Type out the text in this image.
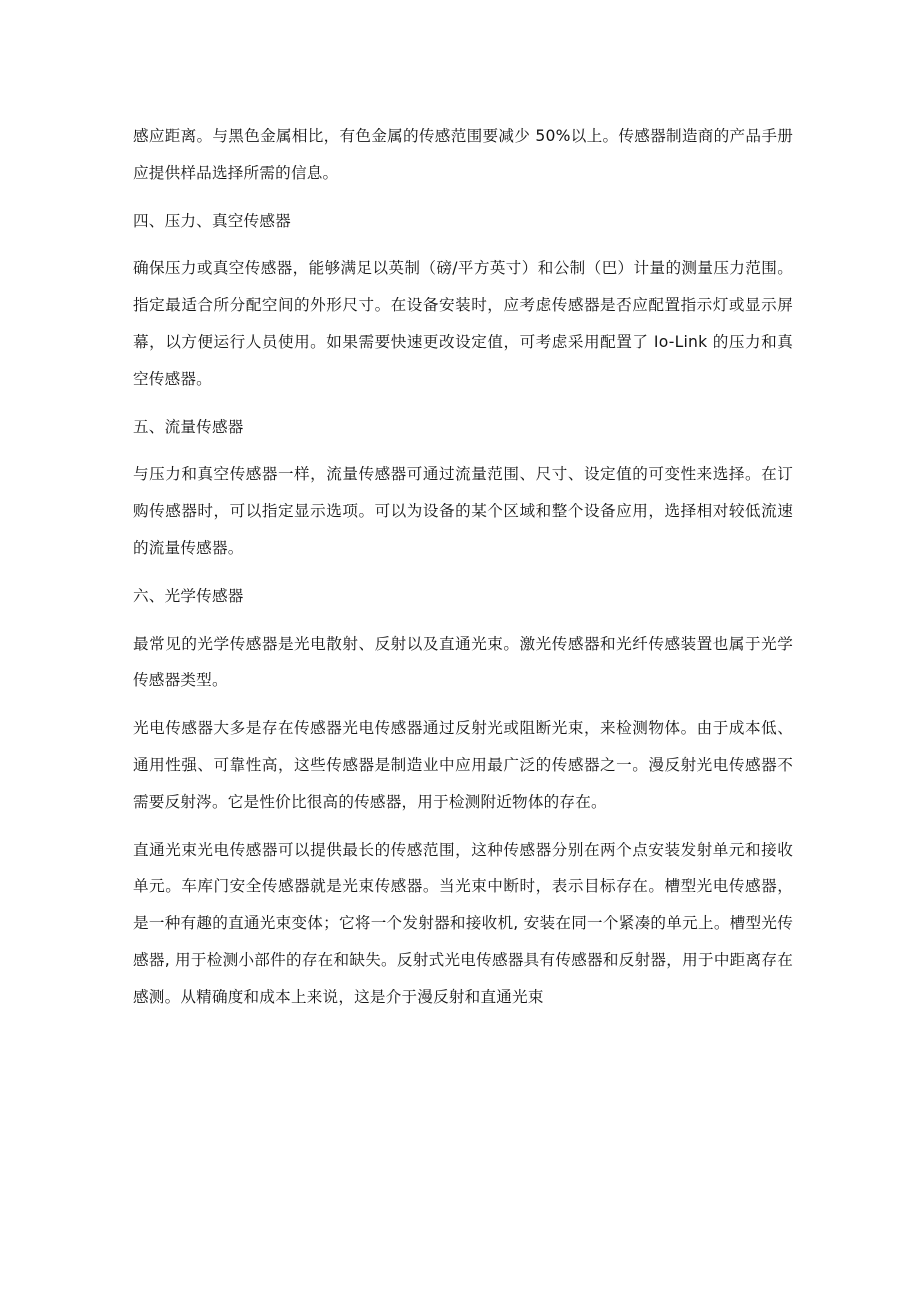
感应距离。与黑色金属相比，有色金属的传感范围要减少 50%以上。传感器制造商的产品手册应提供样品选择所需的信息。

四、压力、真空传感器

确保压力或真空传感器，能够满足以英制（磅/平方英寸）和公制（巴）计量的测量压力范围。指定最适合所分配空间的外形尺寸。在设备安装时，应考虑传感器是否应配置指示灯或显示屏幕，以方便运行人员使用。如果需要快速更改设定值，可考虑采用配置了 Io-Link 的压力和真空传感器。

五、流量传感器

与压力和真空传感器一样，流量传感器可通过流量范围、尺寸、设定值的可变性来选择。在订购传感器时，可以指定显示选项。可以为设备的某个区域和整个设备应用，选择相对较低流速的流量传感器。

六、光学传感器

最常见的光学传感器是光电散射、反射以及直通光束。激光传感器和光纤传感装置也属于光学传感器类型。

光电传感器大多是存在传感器光电传感器通过反射光或阻断光束，来检测物体。由于成本低、通用性强、可靠性高，这些传感器是制造业中应用最广泛的传感器之一。漫反射光电传感器不需要反射涔。它是性价比很高的传感器，用于检测附近物体的存在。

直通光束光电传感器可以提供最长的传感范围，这种传感器分别在两个点安装发射单元和接收单元。车库门安全传感器就是光束传感器。当光束中断时，表示目标存在。槽型光电传感器，是一种有趣的直通光束变体；它将一个发射器和接收机, 安装在同一个紧凑的单元上。槽型光传感器, 用于检测小部件的存在和缺失。反射式光电传感器具有传感器和反射器，用于中距离存在感测。从精确度和成本上来说，这是介于漫反射和直通光束
